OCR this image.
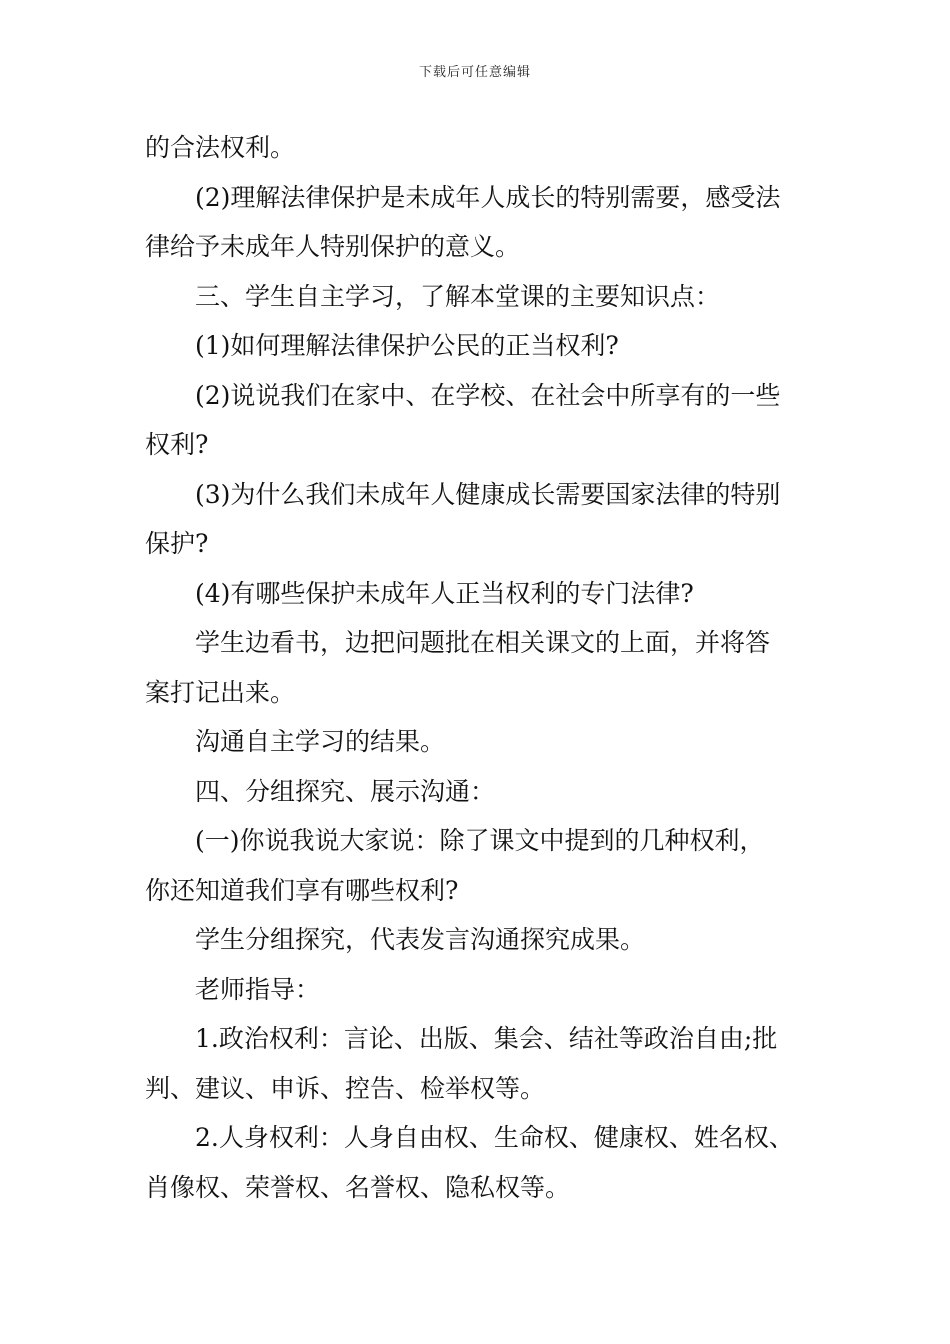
下载后可任意编辑
的合法权利。
(2)理解法律保护是未成年人成长的特别需要，感受法
律给予未成年人特别保护的意义。
三、学生自主学习，了解本堂课的主要知识点：
(1)如何理解法律保护公民的正当权利?
(2)说说我们在家中、在学校、在社会中所享有的一些
权利?
(3)为什么我们未成年人健康成长需要国家法律的特别
保护?
(4)有哪些保护未成年人正当权利的专门法律?
学生边看书，边把问题批在相关课文的上面，并将答
案打记出来。
沟通自主学习的结果。
四、分组探究、展示沟通：
(一)你说我说大家说：除了课文中提到的几种权利，
你还知道我们享有哪些权利?
学生分组探究，代表发言沟通探究成果。
老师指导：
1.政治权利：言论、出版、集会、结社等政治自由;批
判、建议、申诉、控告、检举权等。
2.人身权利：人身自由权、生命权、健康权、姓名权、
肖像权、荣誉权、名誉权、隐私权等。
